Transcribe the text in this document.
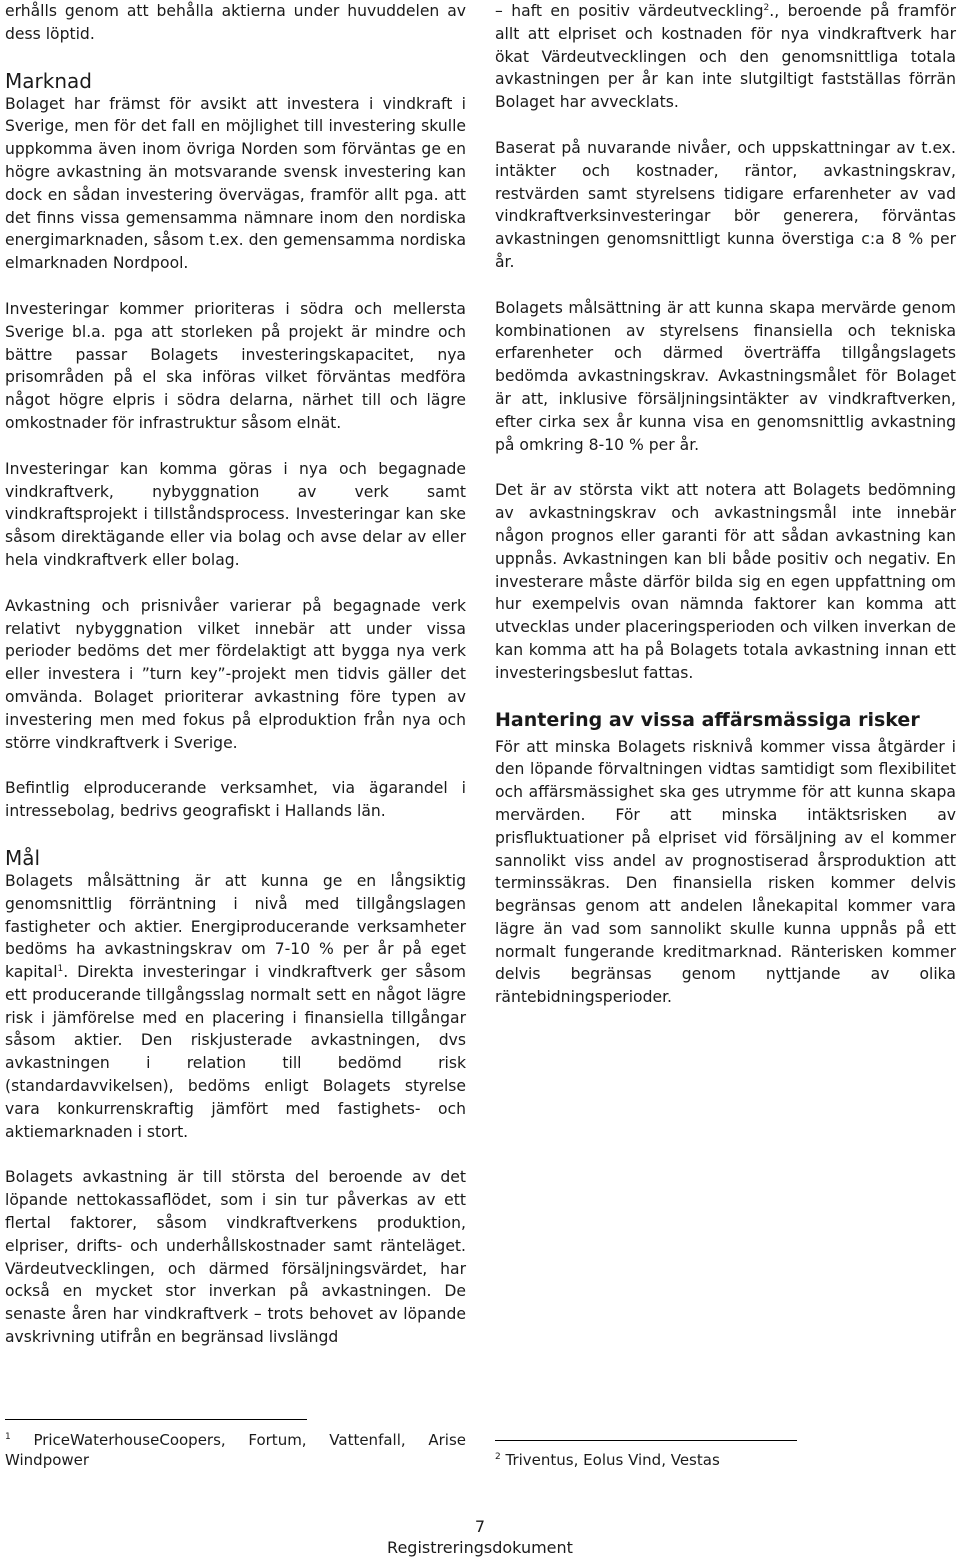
erhålls genom att behålla aktierna under huvuddelen av dess löptid.

Marknad

Bolaget har främst för avsikt att investera i vindkraft i Sverige, men för det fall en möjlighet till investering skulle uppkomma även inom övriga Norden som förväntas ge en högre avkastning än motsvarande svensk investering kan dock en sådan investering övervägas, framför allt pga. att det finns vissa gemensamma nämnare inom den nordiska energimarknaden, såsom t.ex. den gemensamma nordiska elmarknaden Nordpool.

Investeringar kommer prioriteras i södra och mellersta Sverige bl.a. pga att storleken på projekt är mindre och bättre passar Bolagets investeringskapacitet, nya prisområden på el ska införas vilket förväntas medföra något högre elpris i södra delarna, närhet till och lägre omkostnader för infrastruktur såsom elnät.

Investeringar kan komma göras i nya och begagnade vindkraftverk, nybyggnation av verk samt vindkraftsprojekt i tillståndsprocess. Investeringar kan ske såsom direktägande eller via bolag och avse delar av eller hela vindkraftverk eller bolag.

Avkastning och prisnivåer varierar på begagnade verk relativt nybyggnation vilket innebär att under vissa perioder bedöms det mer fördelaktigt att bygga nya verk eller investera i ”turn key”-projekt men tidvis gäller det omvända. Bolaget prioriterar avkastning före typen av investering men med fokus på elproduktion från nya och större vindkraftverk i Sverige.

Befintlig elproducerande verksamhet, via ägarandel i intressebolag, bedrivs geografiskt i Hallands län.

Mål

Bolagets målsättning är att kunna ge en långsiktig genomsnittlig förräntning i nivå med tillgångslagen fastigheter och aktier. Energiproducerande verksamheter bedöms ha avkastningskrav om 7-10 % per år på eget kapital$^1$. Direkta investeringar i vindkraftverk ger såsom ett producerande tillgångsslag normalt sett en något lägre risk i jämförelse med en placering i finansiella tillgångar såsom aktier. Den riskjusterade avkastningen, dvs avkastningen i relation till bedömd risk (standardavvikelsen), bedöms enligt Bolagets styrelse vara konkurrenskraftig jämfört med fastighets- och aktiemarknaden i stort.

Bolagets avkastning är till största del beroende av det löpande nettokassaflödet, som i sin tur påverkas av ett flertal faktorer, såsom vindkraftverkens produktion, elpriser, drifts- och underhållskostnader samt ränteläget. Värdeutvecklingen, och därmed försäljningsvärdet, har också en mycket stor inverkan på avkastningen. De senaste åren har vindkraftverk – trots behovet av löpande avskrivning utifrån en begränsad livslängd

– haft en positiv värdeutveckling$^2$., beroende på framför allt att elpriset och kostnaden för nya vindkraftverk har ökat Värdeutvecklingen och den genomsnittliga totala avkastningen per år kan inte slutgiltigt fastställas förrän Bolaget har avvecklats.

Baserat på nuvarande nivåer, och uppskattningar av t.ex. intäkter och kostnader, räntor, avkastningskrav, restvärden samt styrelsens tidigare erfarenheter av vad vindkraftverksinvesteringar bör generera, förväntas avkastningen genomsnittligt kunna överstiga c:a 8 % per år.

Bolagets målsättning är att kunna skapa mervärde genom kombinationen av styrelsens finansiella och tekniska erfarenheter och därmed överträffa tillgångslagets bedömda avkastningskrav. Avkastningsmålet för Bolaget är att, inklusive försäljningsintäkter av vindkraftverken, efter cirka sex år kunna visa en genomsnittlig avkastning på omkring 8-10 % per år.

Det är av största vikt att notera att Bolagets bedömning av avkastningskrav och avkastningsmål inte innebär någon prognos eller garanti för att sådan avkastning kan uppnås. Avkastningen kan bli både positiv och negativ. En investerare måste därför bilda sig en egen uppfattning om hur exempelvis ovan nämnda faktorer kan komma att utvecklas under placeringsperioden och vilken inverkan de kan komma att ha på Bolagets totala avkastning innan ett investeringsbeslut fattas.

Hantering av vissa affärsmässiga risker

För att minska Bolagets risknivå kommer vissa åtgärder i den löpande förvaltningen vidtas samtidigt som flexibilitet och affärsmässighet ska ges utrymme för att kunna skapa mervärden. För att minska intäktsrisken av prisfluktuationer på elpriset vid försäljning av el kommer sannolikt viss andel av prognostiserad årsproduktion att terminssäkras. Den finansiella risken kommer delvis begränsas genom att andelen lånekapital kommer vara lägre än vad som sannolikt skulle kunna uppnås på ett normalt fungerande kreditmarknad. Ränterisken kommer delvis begränsas genom nyttjande av olika räntebidningsperioder.

$^1$ PriceWaterhouseCoopers, Fortum, Vattenfall, Arise Windpower	$^2$ Triventus, Eolus Vind, Vestas
7
Registreringsdokument
